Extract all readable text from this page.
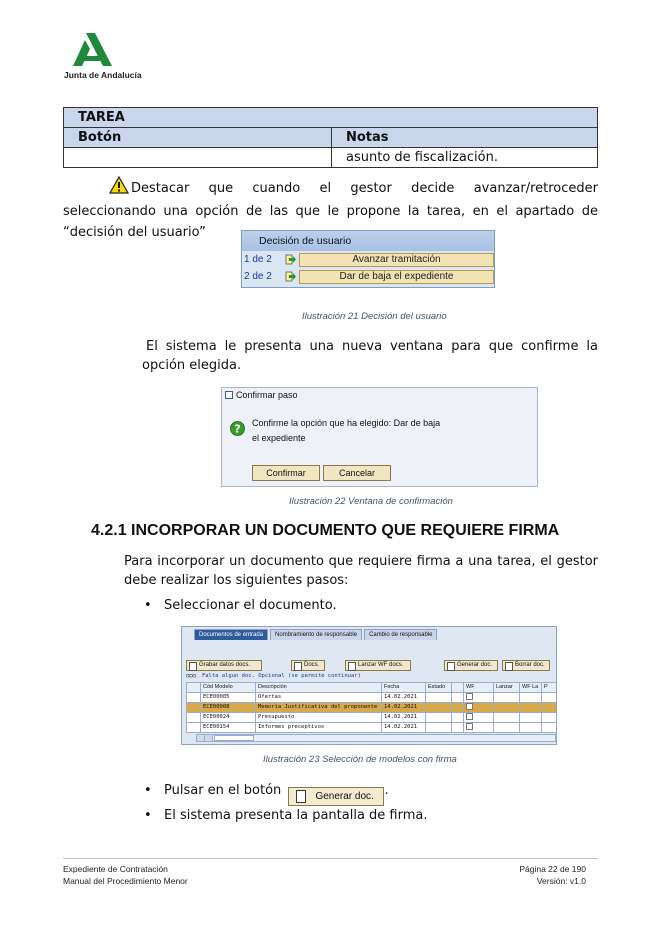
Junta de Andalucía
TAREA	
Botón	Notas
	asunto de fiscalización.
Destacar que cuando el gestor decide avanzar/retroceder seleccionando una opción de las que le propone la tarea, en el apartado de “decisión del usuario”
Decisión de usuario
1 de 2	Avanzar tramitación
2 de 2	Dar de baja el expediente
Ilustración 21 Decisión del usuario
El sistema le presenta una nueva ventana para que confirme la opción elegida.
Confirmar paso
? Confirme la opción que ha elegido: Dar de baja
el expediente
Confirmar	Cancelar
Ilustración 22 Ventana de confirmación
4.2.1 INCORPORAR UN DOCUMENTO QUE REQUIERE FIRMA
Para incorporar un documento que requiere firma a una tarea, el gestor debe realizar los siguientes pasos:
• Seleccionar el documento.
Documentos de entrada	Nombramiento de responsable	Cambio de responsable
Grabar datos docs.	Docs.	Lanzar WF docs.	Generar doc.	Borrar doc.
○○○ Falta algun doc. Opcional (se permite continuar)
	Cód Modelo	Descripción	Fecha	Estado		WF	Lanzar	WF La	P
	ECE00005	Ofertas	14.02.2021						
	ECE00008	Memoria Justificativa del proponente	14.02.2021						
	ECE00024	Presupuesto	14.02.2021						
	ECE00154	Informes preceptivos	14.02.2021						
Ilustración 23 Selección de modelos con firma
• Pulsar en el botón	Generar doc. .
• El sistema presenta la pantalla de firma.
Expediente de Contratación
Manual del Procedimiento Menor
Página 22 de 190
Versión: v1.0
